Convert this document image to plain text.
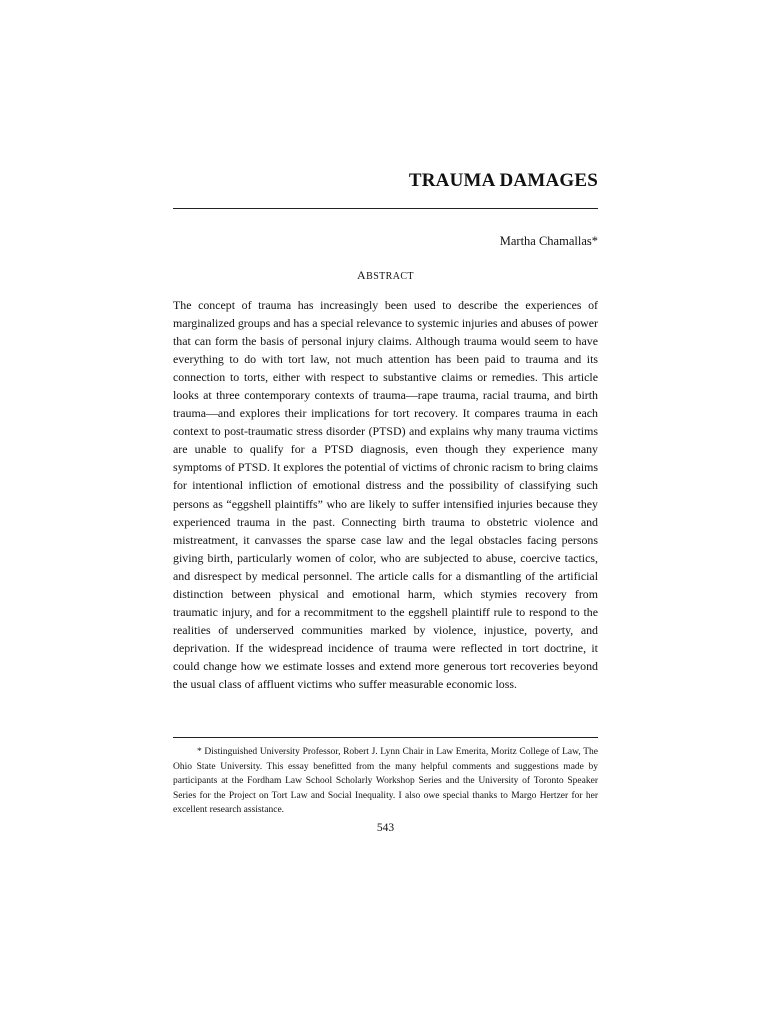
TRAUMA DAMAGES
Martha Chamallas*
ABSTRACT

The concept of trauma has increasingly been used to describe the experiences of marginalized groups and has a special relevance to systemic injuries and abuses of power that can form the basis of personal injury claims. Although trauma would seem to have everything to do with tort law, not much attention has been paid to trauma and its connection to torts, either with respect to substantive claims or remedies. This article looks at three contemporary contexts of trauma—rape trauma, racial trauma, and birth trauma—and explores their implications for tort recovery. It compares trauma in each context to post-traumatic stress disorder (PTSD) and explains why many trauma victims are unable to qualify for a PTSD diagnosis, even though they experience many symptoms of PTSD. It explores the potential of victims of chronic racism to bring claims for intentional infliction of emotional distress and the possibility of classifying such persons as “eggshell plaintiffs” who are likely to suffer intensified injuries because they experienced trauma in the past. Connecting birth trauma to obstetric violence and mistreatment, it canvasses the sparse case law and the legal obstacles facing persons giving birth, particularly women of color, who are subjected to abuse, coercive tactics, and disrespect by medical personnel. The article calls for a dismantling of the artificial distinction between physical and emotional harm, which stymies recovery from traumatic injury, and for a recommitment to the eggshell plaintiff rule to respond to the realities of underserved communities marked by violence, injustice, poverty, and deprivation. If the widespread incidence of trauma were reflected in tort doctrine, it could change how we estimate losses and extend more generous tort recoveries beyond the usual class of affluent victims who suffer measurable economic loss.

* Distinguished University Professor, Robert J. Lynn Chair in Law Emerita, Moritz College of Law, The Ohio State University. This essay benefitted from the many helpful comments and suggestions made by participants at the Fordham Law School Scholarly Workshop Series and the University of Toronto Speaker Series for the Project on Tort Law and Social Inequality. I also owe special thanks to Margo Hertzer for her excellent research assistance.

543
